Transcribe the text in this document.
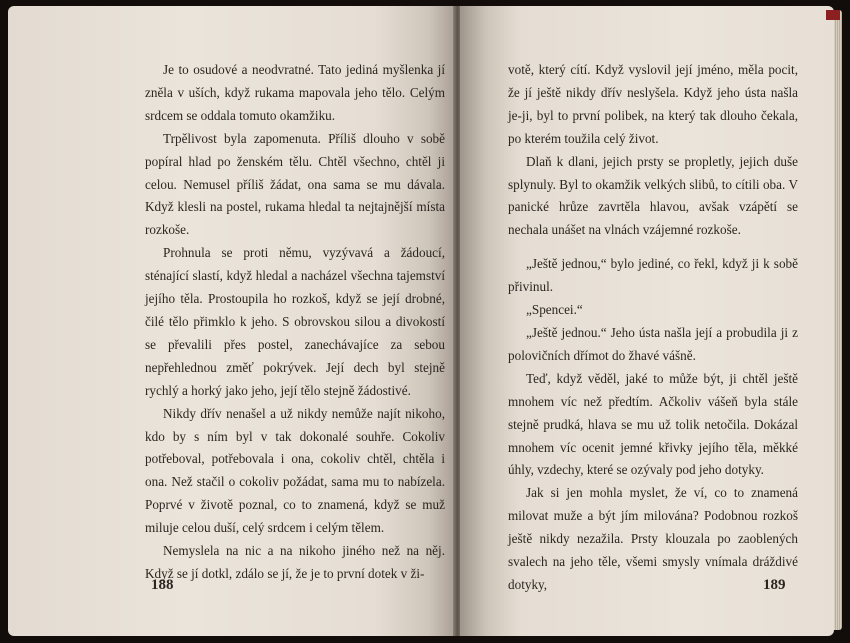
Je to osudové a neodvratné. Tato jediná myšlenka jí zněla v uších, když rukama mapovala jeho tělo. Celým srdcem se oddala tomuto okamžiku.

Trpělivost byla zapomenuta. Příliš dlouho v sobě popíral hlad po ženském tělu. Chtěl všechno, chtěl ji celou. Nemusel příliš žádat, ona sama se mu dávala. Když klesli na postel, rukama hledal ta nejtajnější místa rozkoše.

Prohnula se proti němu, vyzývavá a žádoucí, sténající slastí, když hledal a nacházel všechna tajemství jejího těla. Prostoupila ho rozkoš, když se její drobné, čilé tělo přimklo k jeho. S obrovskou silou a divokostí se převalili přes postel, zanechávajíce za sebou nepřehlednou změť pokrývek. Její dech byl stejně rychlý a horký jako jeho, její tělo stejně žádostivé.

Nikdy dřív nenašel a už nikdy nemůže najít nikoho, kdo by s ním byl v tak dokonalé souhře. Cokoliv potřeboval, potřebovala i ona, cokoliv chtěl, chtěla i ona. Než stačil o cokoliv požádat, sama mu to nabízela. Poprvé v životě poznal, co to znamená, když se muž miluje celou duší, celý srdcem i celým tělem.

Nemyslela na nic a na nikoho jiného než na něj. Když se jí dotkl, zdálo se jí, že je to první dotek v ži-

188

votě, který cítí. Když vyslovil její jméno, měla pocit, že jí ještě nikdy dřív neslyšela. Když jeho ústa našla je-ji, byl to první polibek, na který tak dlouho čekala, po kterém toužila celý život.

Dlaň k dlani, jejich prsty se propletly, jejich duše splynuly. Byl to okamžik velkých slibů, to cítili oba. V panické hrůze zavrtěla hlavou, avšak vzápětí se nechala unášet na vlnách vzájemné rozkoše.

„Ještě jednou,“ bylo jediné, co řekl, když ji k sobě přivinul.

„Spencei.“

„Ještě jednou.“ Jeho ústa našla její a probudila ji z polovičních dřímot do žhavé vášně.

Teď, když věděl, jaké to může být, ji chtěl ještě mnohem víc než předtím. Ačkoliv vášeň byla stále stejně prudká, hlava se mu už tolik netočila. Dokázal mnohem víc ocenit jemné křivky jejího těla, měkké úhly, vzdechy, které se ozývaly pod jeho dotyky.

Jak si jen mohla myslet, že ví, co to znamená milovat muže a být jím milována? Podobnou rozkoš ještě nikdy nezažila. Prsty klouzala po zaoblených svalech na jeho těle, všemi smysly vnímala dráždivé dotyky,	189
